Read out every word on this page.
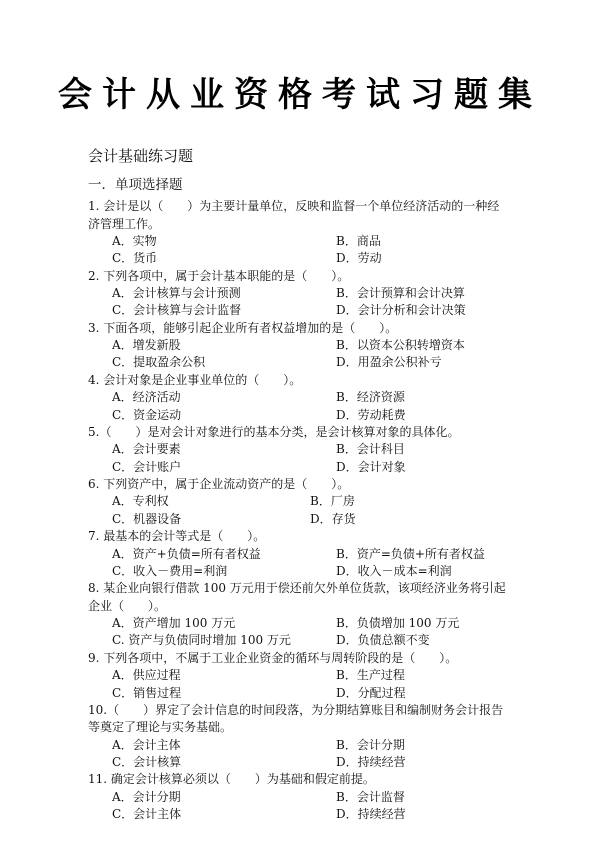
会计从业资格考试习题集
会计基础练习题
一．单项选择题
1. 会计是以（　　）为主要计量单位，反映和监督一个单位经济活动的一种经
济管理工作。
A．实物	B．商品
C．货币	D．劳动
2. 下列各项中，属于会计基本职能的是（　　）。
A．会计核算与会计预测	B．会计预算和会计决算
C．会计核算与会计监督	D．会计分析和会计决策
3. 下面各项，能够引起企业所有者权益增加的是（　　）。
A．增发新股	B．以资本公积转增资本
C．提取盈余公积	D．用盈余公积补亏
4. 会计对象是企业事业单位的（　　）。
A．经济活动	B．经济资源
C．资金运动	D．劳动耗费
5.（　　）是对会计对象进行的基本分类，是会计核算对象的具体化。
A．会计要素	B．会计科目
C．会计账户	D．会计对象
6. 下列资产中，属于企业流动资产的是（　　）。
A．专利权	B．厂房
C．机器设备	D．存货
7. 最基本的会计等式是（　　）。
A．资产+负债=所有者权益	B．资产=负债+所有者权益
C．收入－费用=利润	D．收入－成本=利润
8. 某企业向银行借款 100 万元用于偿还前欠外单位货款，该项经济业务将引起
企业（　　）。
A．资产增加 100 万元	B．负债增加 100 万元
C. 资产与负债同时增加 100 万元	D．负债总额不变
9. 下列各项中，不属于工业企业资金的循环与周转阶段的是（　　）。
A．供应过程	B．生产过程
C．销售过程	D．分配过程
10.（　　）界定了会计信息的时间段落，为分期结算账目和编制财务会计报告
等奠定了理论与实务基础。
A．会计主体	B．会计分期
C．会计核算	D．持续经营
11. 确定会计核算必须以（　　）为基础和假定前提。
A．会计分期	B．会计监督
C．会计主体	D．持续经营
